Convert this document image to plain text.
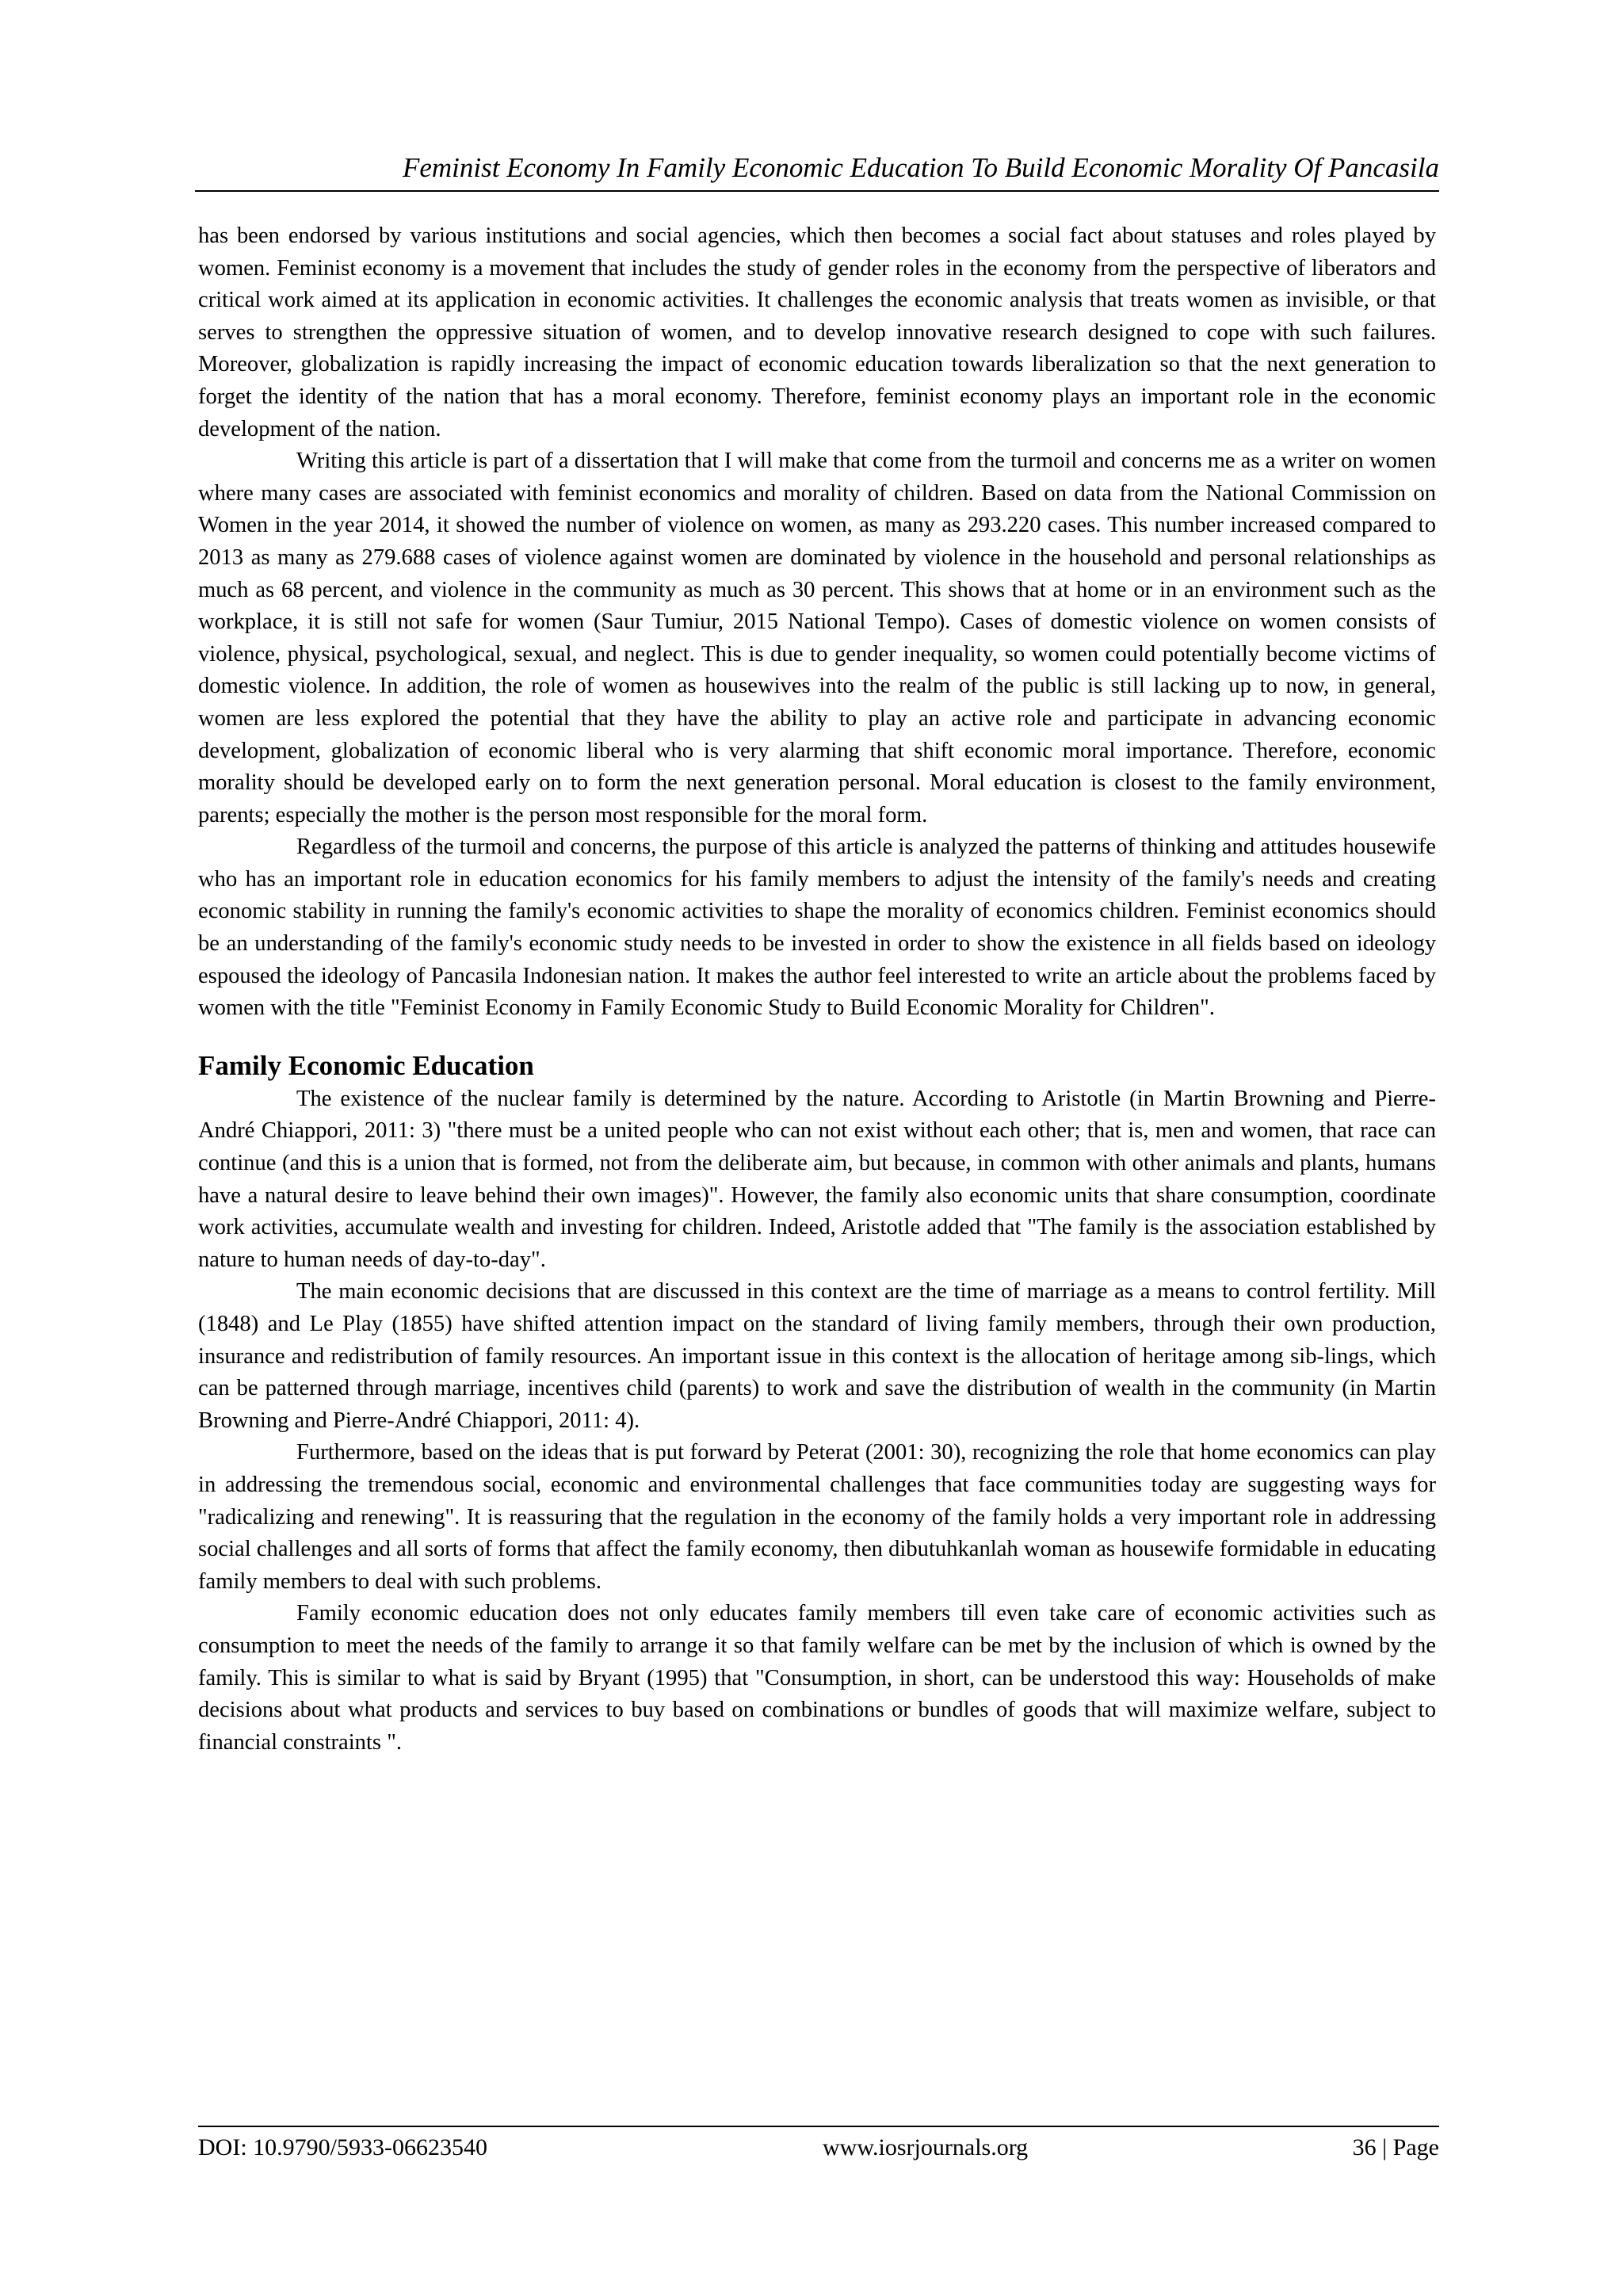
Feminist Economy In Family Economic Education To Build Economic Morality Of Pancasila

has been endorsed by various institutions and social agencies, which then becomes a social fact about statuses and roles played by women. Feminist economy is a movement that includes the study of gender roles in the economy from the perspective of liberators and critical work aimed at its application in economic activities. It challenges the economic analysis that treats women as invisible, or that serves to strengthen the oppressive situation of women, and to develop innovative research designed to cope with such failures. Moreover, globalization is rapidly increasing the impact of economic education towards liberalization so that the next generation to forget the identity of the nation that has a moral economy. Therefore, feminist economy plays an important role in the economic development of the nation.

Writing this article is part of a dissertation that I will make that come from the turmoil and concerns me as a writer on women where many cases are associated with feminist economics and morality of children. Based on data from the National Commission on Women in the year 2014, it showed the number of violence on women, as many as 293.220 cases. This number increased compared to 2013 as many as 279.688 cases of violence against women are dominated by violence in the household and personal relationships as much as 68 percent, and violence in the community as much as 30 percent. This shows that at home or in an environment such as the workplace, it is still not safe for women (Saur Tumiur, 2015 National Tempo). Cases of domestic violence on women consists of violence, physical, psychological, sexual, and neglect. This is due to gender inequality, so women could potentially become victims of domestic violence. In addition, the role of women as housewives into the realm of the public is still lacking up to now, in general, women are less explored the potential that they have the ability to play an active role and participate in advancing economic development, globalization of economic liberal who is very alarming that shift economic moral importance. Therefore, economic morality should be developed early on to form the next generation personal. Moral education is closest to the family environment, parents; especially the mother is the person most responsible for the moral form.

Regardless of the turmoil and concerns, the purpose of this article is analyzed the patterns of thinking and attitudes housewife who has an important role in education economics for his family members to adjust the intensity of the family's needs and creating economic stability in running the family's economic activities to shape the morality of economics children. Feminist economics should be an understanding of the family's economic study needs to be invested in order to show the existence in all fields based on ideology espoused the ideology of Pancasila Indonesian nation. It makes the author feel interested to write an article about the problems faced by women with the title "Feminist Economy in Family Economic Study to Build Economic Morality for Children".

Family Economic Education

The existence of the nuclear family is determined by the nature. According to Aristotle (in Martin Browning and Pierre-André Chiappori, 2011: 3) "there must be a united people who can not exist without each other; that is, men and women, that race can continue (and this is a union that is formed, not from the deliberate aim, but because, in common with other animals and plants, humans have a natural desire to leave behind their own images)". However, the family also economic units that share consumption, coordinate work activities, accumulate wealth and investing for children. Indeed, Aristotle added that "The family is the association established by nature to human needs of day-to-day".

The main economic decisions that are discussed in this context are the time of marriage as a means to control fertility. Mill (1848) and Le Play (1855) have shifted attention impact on the standard of living family members, through their own production, insurance and redistribution of family resources. An important issue in this context is the allocation of heritage among sib-lings, which can be patterned through marriage, incentives child (parents) to work and save the distribution of wealth in the community (in Martin Browning and Pierre-André Chiappori, 2011: 4).

Furthermore, based on the ideas that is put forward by Peterat (2001: 30), recognizing the role that home economics can play in addressing the tremendous social, economic and environmental challenges that face communities today are suggesting ways for "radicalizing and renewing". It is reassuring that the regulation in the economy of the family holds a very important role in addressing social challenges and all sorts of forms that affect the family economy, then dibutuhkanlah woman as housewife formidable in educating family members to deal with such problems.

Family economic education does not only educates family members till even take care of economic activities such as consumption to meet the needs of the family to arrange it so that family welfare can be met by the inclusion of which is owned by the family. This is similar to what is said by Bryant (1995) that "Consumption, in short, can be understood this way: Households of make decisions about what products and services to buy based on combinations or bundles of goods that will maximize welfare, subject to financial constraints ".

DOI: 10.9790/5933-06623540	www.iosrjournals.org	36 | Page
